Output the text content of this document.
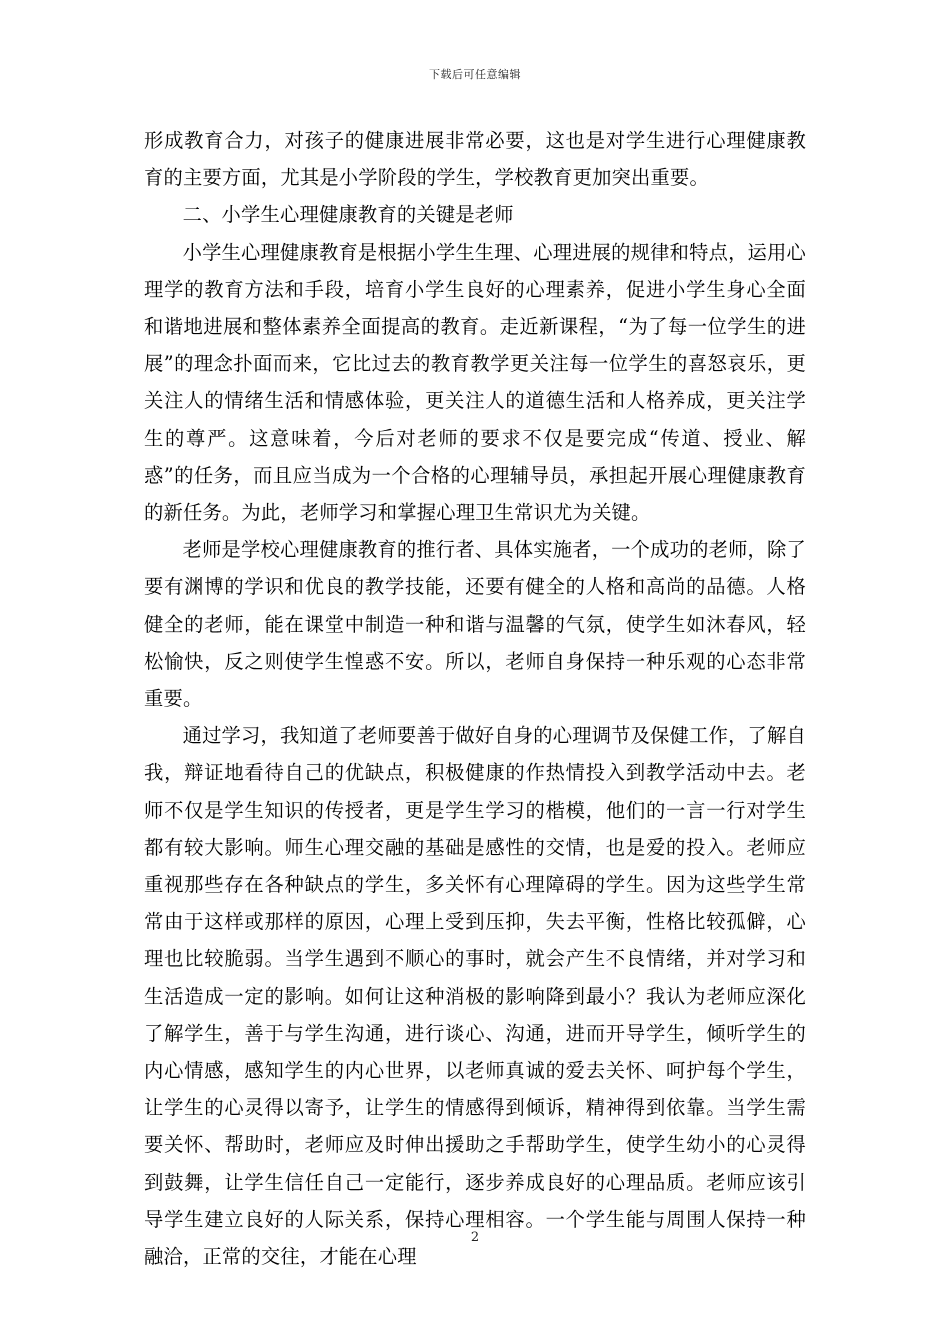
下载后可任意编辑

形成教育合力，对孩子的健康进展非常必要，这也是对学生进行心理健康教育的主要方面，尤其是小学阶段的学生，学校教育更加突出重要。

二、小学生心理健康教育的关键是老师

小学生心理健康教育是根据小学生生理、心理进展的规律和特点，运用心理学的教育方法和手段，培育小学生良好的心理素养，促进小学生身心全面和谐地进展和整体素养全面提高的教育。走近新课程，“为了每一位学生的进展”的理念扑面而来，它比过去的教育教学更关注每一位学生的喜怒哀乐，更关注人的情绪生活和情感体验，更关注人的道德生活和人格养成，更关注学生的尊严。这意味着，今后对老师的要求不仅是要完成“传道、授业、解惑”的任务，而且应当成为一个合格的心理辅导员，承担起开展心理健康教育的新任务。为此，老师学习和掌握心理卫生常识尤为关键。

老师是学校心理健康教育的推行者、具体实施者，一个成功的老师，除了要有渊博的学识和优良的教学技能，还要有健全的人格和高尚的品德。人格健全的老师，能在课堂中制造一种和谐与温馨的气氛，使学生如沐春风，轻松愉快，反之则使学生惶惑不安。所以，老师自身保持一种乐观的心态非常重要。

通过学习，我知道了老师要善于做好自身的心理调节及保健工作，了解自我，辩证地看待自己的优缺点，积极健康的作热情投入到教学活动中去。老师不仅是学生知识的传授者，更是学生学习的楷模，他们的一言一行对学生都有较大影响。师生心理交融的基础是感性的交情，也是爱的投入。老师应重视那些存在各种缺点的学生，多关怀有心理障碍的学生。因为这些学生常常由于这样或那样的原因，心理上受到压抑，失去平衡，性格比较孤僻，心理也比较脆弱。当学生遇到不顺心的事时，就会产生不良情绪，并对学习和生活造成一定的影响。如何让这种消极的影响降到最小？我认为老师应深化了解学生，善于与学生沟通，进行谈心、沟通，进而开导学生，倾听学生的内心情感，感知学生的内心世界，以老师真诚的爱去关怀、呵护每个学生，让学生的心灵得以寄予，让学生的情感得到倾诉，精神得到依靠。当学生需要关怀、帮助时，老师应及时伸出援助之手帮助学生，使学生幼小的心灵得到鼓舞，让学生信任自己一定能行，逐步养成良好的心理品质。老师应该引导学生建立良好的人际关系，保持心理相容。一个学生能与周围人保持一种融洽，正常的交往，才能在心理

2
